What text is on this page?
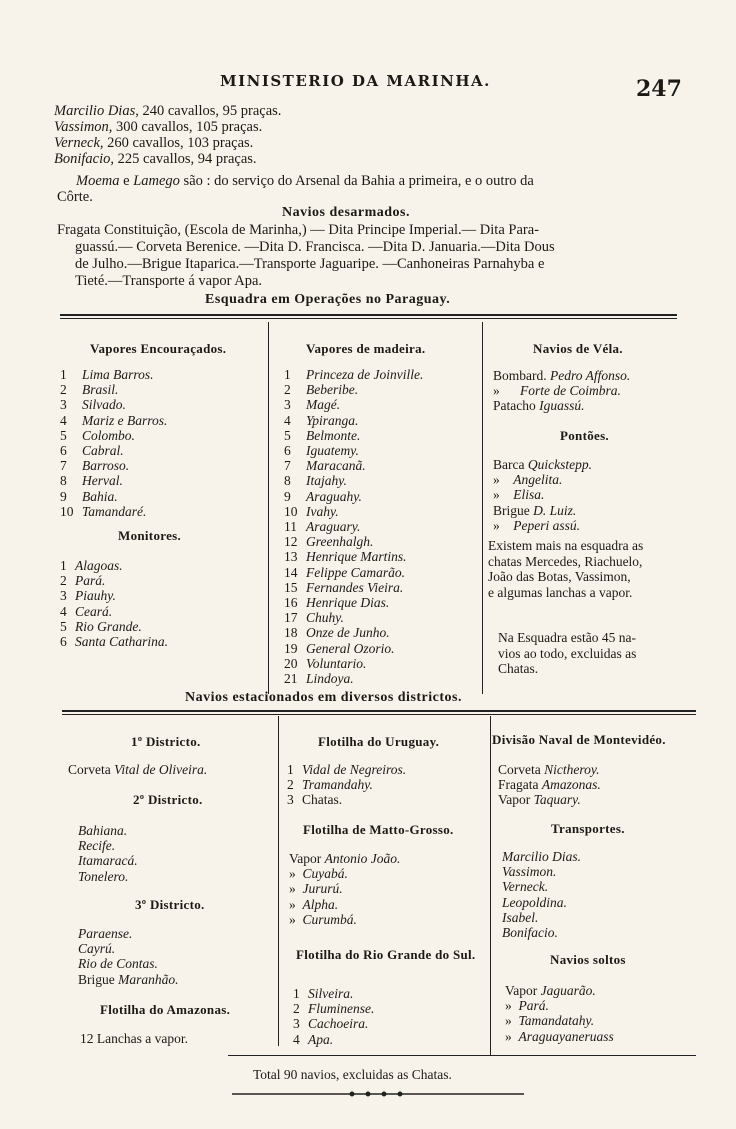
MINISTERIO DA MARINHA.	247
Marcilio Dias, 240 cavallos, 95 praças.
Vassimon, 300 cavallos, 105 praças.
Verneck, 260 cavallos, 103 praças.
Bonifacio, 225 cavallos, 94 praças.
Moema e Lamego são : do serviço do Arsenal da Bahia a primeira, e o outro da
Côrte.
Navios desarmados.
Fragata Constituição, (Escola de Marinha,) — Dita Principe Imperial.— Dita Para-
guassú.— Corveta Berenice. —Dita D. Francisca. —Dita D. Januaria.—Dita Dous
de Julho.—Brigue Itaparica.—Transporte Jaguaripe. —Canhoneiras Parnahyba e
Tieté.—Transporte á vapor Apa.
Esquadra em Operações no Paraguay.
Vapores Encouraçados.
1 Lima Barros.
2 Brasil.
3 Silvado.
4 Mariz e Barros.
5 Colombo.
6 Cabral.
7 Barroso.
8 Herval.
9 Bahia.
10 Tamandaré.
Monitores.
1 Alagoas.
2 Pará.
3 Piauhy.
4 Ceará.
5 Rio Grande.
6 Santa Catharina.
Vapores de madeira.
1 Princeza de Joinville.
2 Beberibe.
3 Magé.
4 Ypiranga.
5 Belmonte.
6 Iguatemy.
7 Maracanã.
8 Itajahy.
9 Araguahy.
10 Ivahy.
11 Araguary.
12 Greenhalgh.
13 Henrique Martins.
14 Felippe Camarão.
15 Fernandes Vieira.
16 Henrique Dias.
17 Chuhy.
18 Onze de Junho.
19 General Ozorio.
20 Voluntario.
21 Lindoya.
Navios de Véla.
Bombard. Pedro Affonso.
»      Forte de Coimbra.
Patacho Iguassú.
Pontões.
Barca Quickstepp.
»    Angelita.
»    Elisa.
Brigue D. Luiz.
»    Peperi assú.
Existem mais na esquadra as
chatas Mercedes, Riachuelo,
João das Botas, Vassimon,
e algumas lanchas a vapor.
Na Esquadra estão 45 na-
vios ao todo, excluidas as
Chatas.
Navios estacionados em diversos districtos.
1º Districto.
Corveta Vital de Oliveira.
2º Districto.
Bahiana.
Recife.
Itamaracá.
Tonelero.
3º Districto.
Paraense.
Cayrú.
Rio de Contas.
Brigue Maranhão.
Flotilha do Amazonas.
12 Lanchas a vapor.
Flotilha do Uruguay.
1 Vidal de Negreiros.
2 Tramandahy.
3 Chatas.
Flotilha de Matto-Grosso.
Vapor Antonio João.
»  Cuyabá.
»  Jururú.
»  Alpha.
»  Curumbá.
Flotilha do Rio Grande do Sul.
1 Silveira.
2 Fluminense.
3 Cachoeira.
4 Apa.
Divisão Naval de Montevidéo.
Corveta Nictheroy.
Fragata Amazonas.
Vapor Taquary.
Transportes.
Marcilio Dias.
Vassimon.
Verneck.
Leopoldina.
Isabel.
Bonifacio.
Navios soltos
Vapor Jaguarão.
»  Pará.
»  Tamandatahy.
»  Araguayaneruass
Total 90 navios, excluidas as Chatas.
